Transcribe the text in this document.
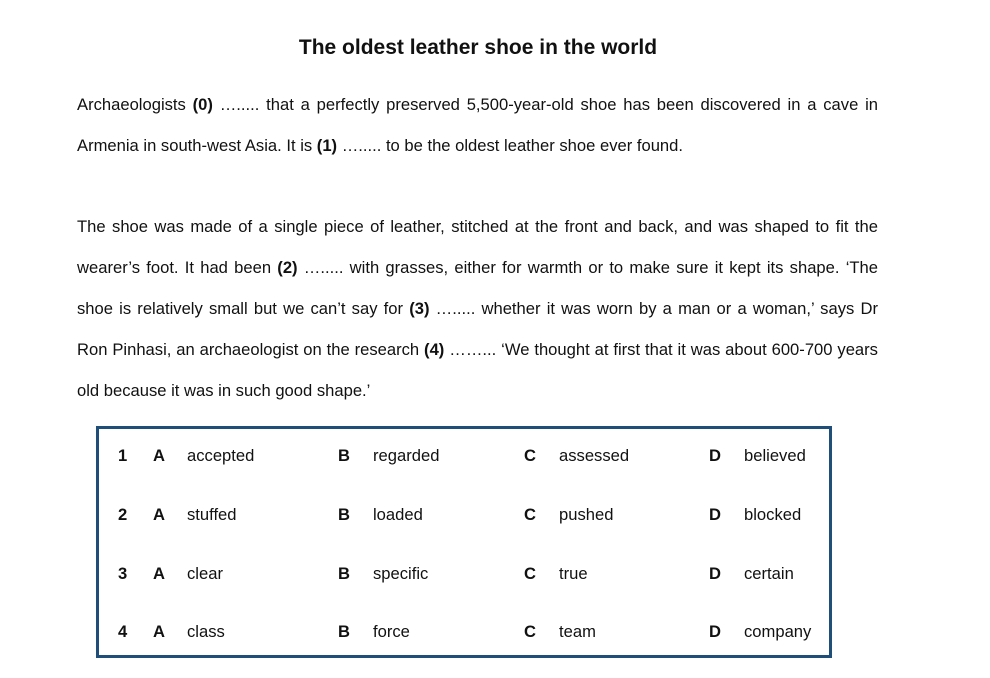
The oldest leather shoe in the world
Archaeologists (0) …..... that a perfectly preserved 5,500-year-old shoe has been discovered in a cave in Armenia in south-west Asia. It is (1) …..... to be the oldest leather shoe ever found.
The shoe was made of a single piece of leather, stitched at the front and back, and was shaped to fit the wearer’s foot. It had been (2) …..... with grasses, either for warmth or to make sure it kept its shape. ‘The shoe is relatively small but we can’t say for (3) …..... whether it was worn by a man or a woman,’ says Dr Ron Pinhasi, an archaeologist on the research (4) ……... ‘We thought at first that it was about 600-700 years old because it was in such good shape.’
1 A accepted	B regarded	C assessed	D believed
2 A stuffed	B loaded	C pushed	D blocked
3 A clear	B specific	C true	D certain
4 A class	B force	C team	D company
